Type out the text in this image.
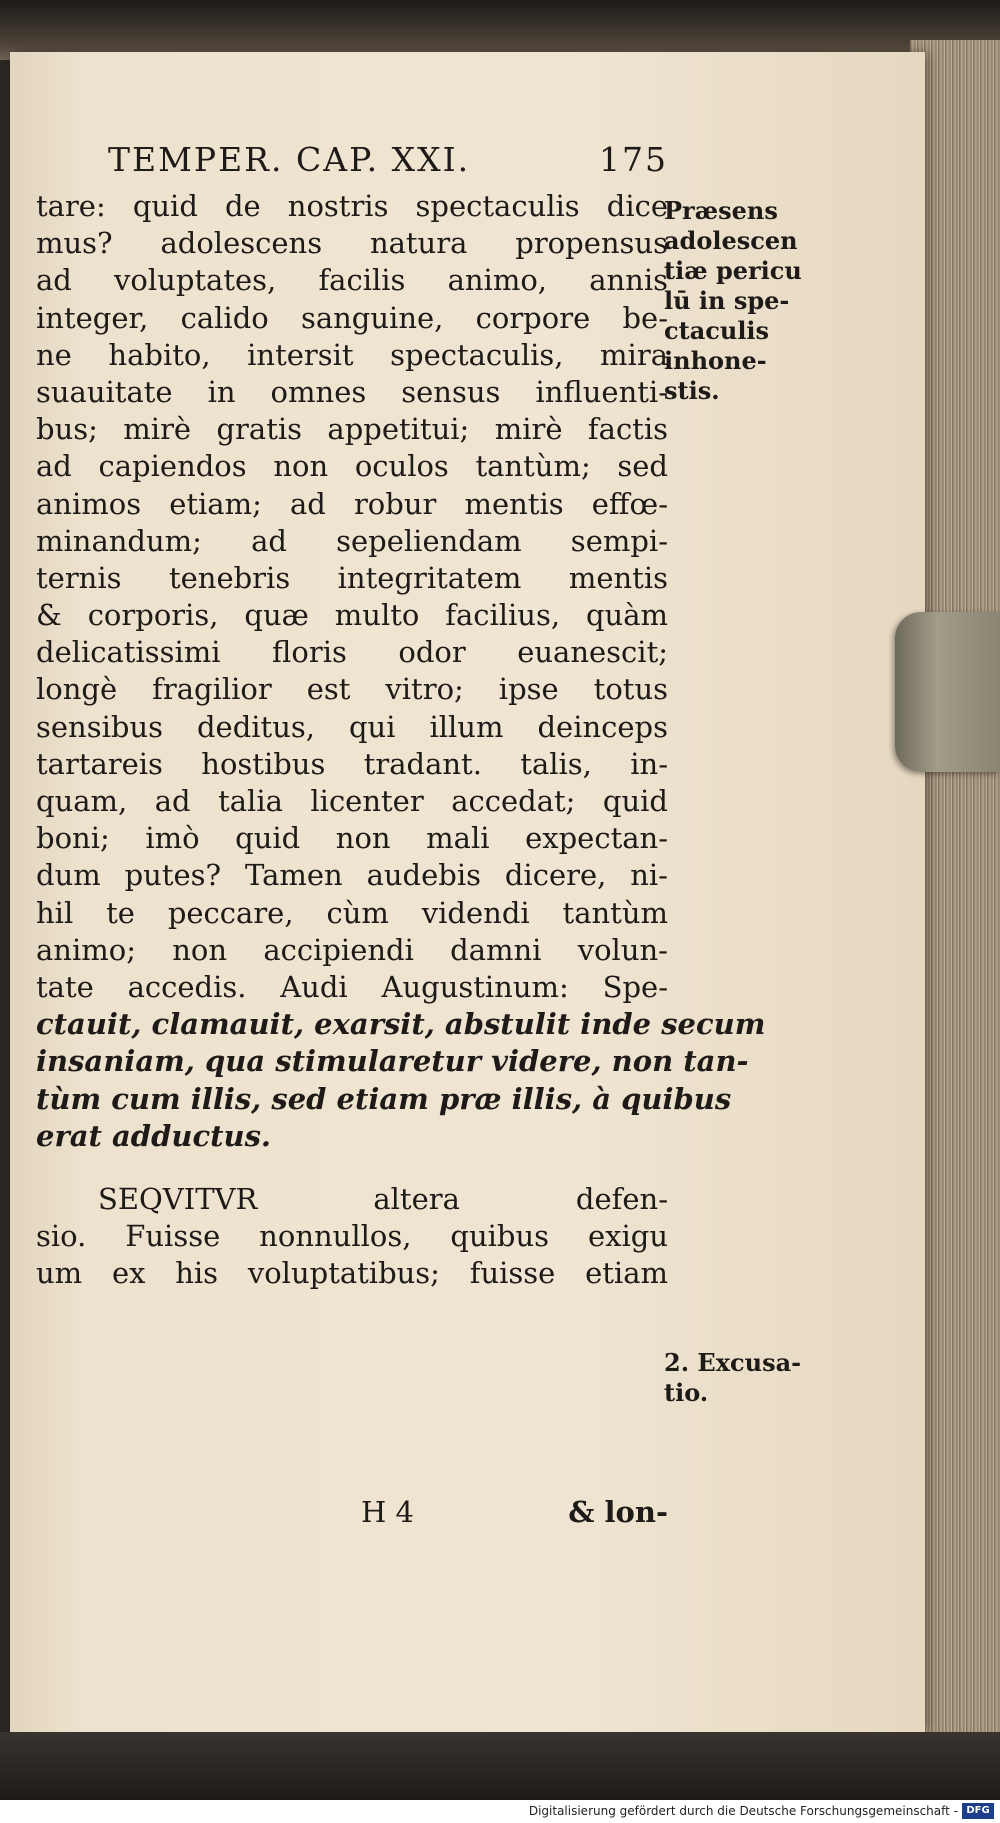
TEMPER. CAP. XXI.	175
tare: quid de nostris spectaculis dice
mus? adolescens natura propensus
ad voluptates, facilis animo, annis
integer, calido sanguine, corpore be-
ne habito, intersit spectaculis, mira
suauitate in omnes sensus influenti-
bus; mirè gratis appetitui; mirè factis
ad capiendos non oculos tantùm; sed
animos etiam; ad robur mentis effœ-
minandum; ad sepeliendam sempi-
ternis tenebris integritatem mentis
& corporis, quæ multo facilius, quàm
delicatissimi floris odor euanescit;
longè fragilior est vitro; ipse totus
sensibus deditus, qui illum deinceps
tartareis hostibus tradant. talis, in-
quam, ad talia licenter accedat; quid
boni; imò quid non mali expectan-
dum putes? Tamen audebis dicere, ni-
hil te peccare, cùm videndi tantùm
animo; non accipiendi damni volun-
tate accedis. Audi Augustinum: Spe-
ctauit, clamauit, exarsit, abstulit inde secum
insaniam, qua stimularetur videre, non tan-
tùm cum illis, sed etiam præ illis, à quibus
erat adductus.
SEQVITVR altera defen-
sio. Fuisse nonnullos, quibus exigu
um ex his voluptatibus; fuisse etiam
H 4	& lon-
Præsens
adolescen
tiæ pericu
lū in spe-
ctaculis
inhone-
stis.
2. Excusa-
tio.
Digitalisierung gefördert durch die Deutsche Forschungsgemeinschaft - DFG
